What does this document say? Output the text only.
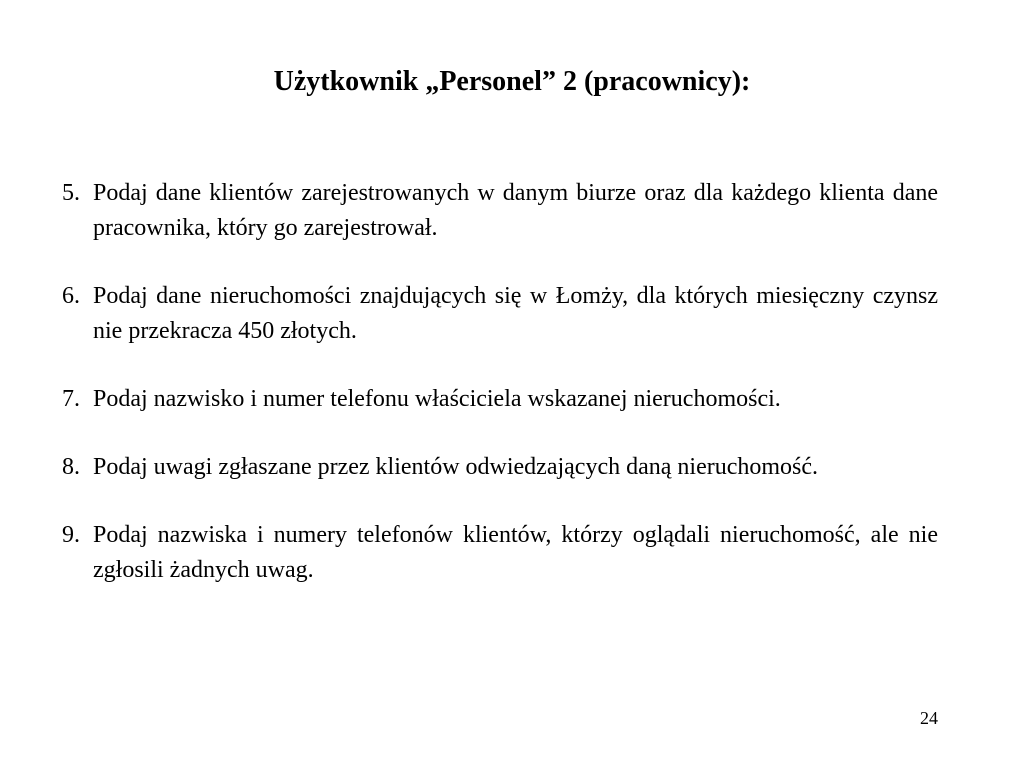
Użytkownik „Personel” 2 (pracownicy):
5. Podaj dane klientów zarejestrowanych w danym biurze oraz dla każdego klienta dane pracownika, który go zarejestrował.
6. Podaj dane nieruchomości znajdujących się w Łomży, dla których miesięczny czynsz nie przekracza 450 złotych.
7. Podaj nazwisko i numer telefonu właściciela wskazanej nieruchomości.
8. Podaj uwagi zgłaszane przez klientów odwiedzających daną nieruchomość.
9. Podaj nazwiska i numery telefonów klientów, którzy oglądali nieruchomość, ale nie zgłosili żadnych uwag.
24
